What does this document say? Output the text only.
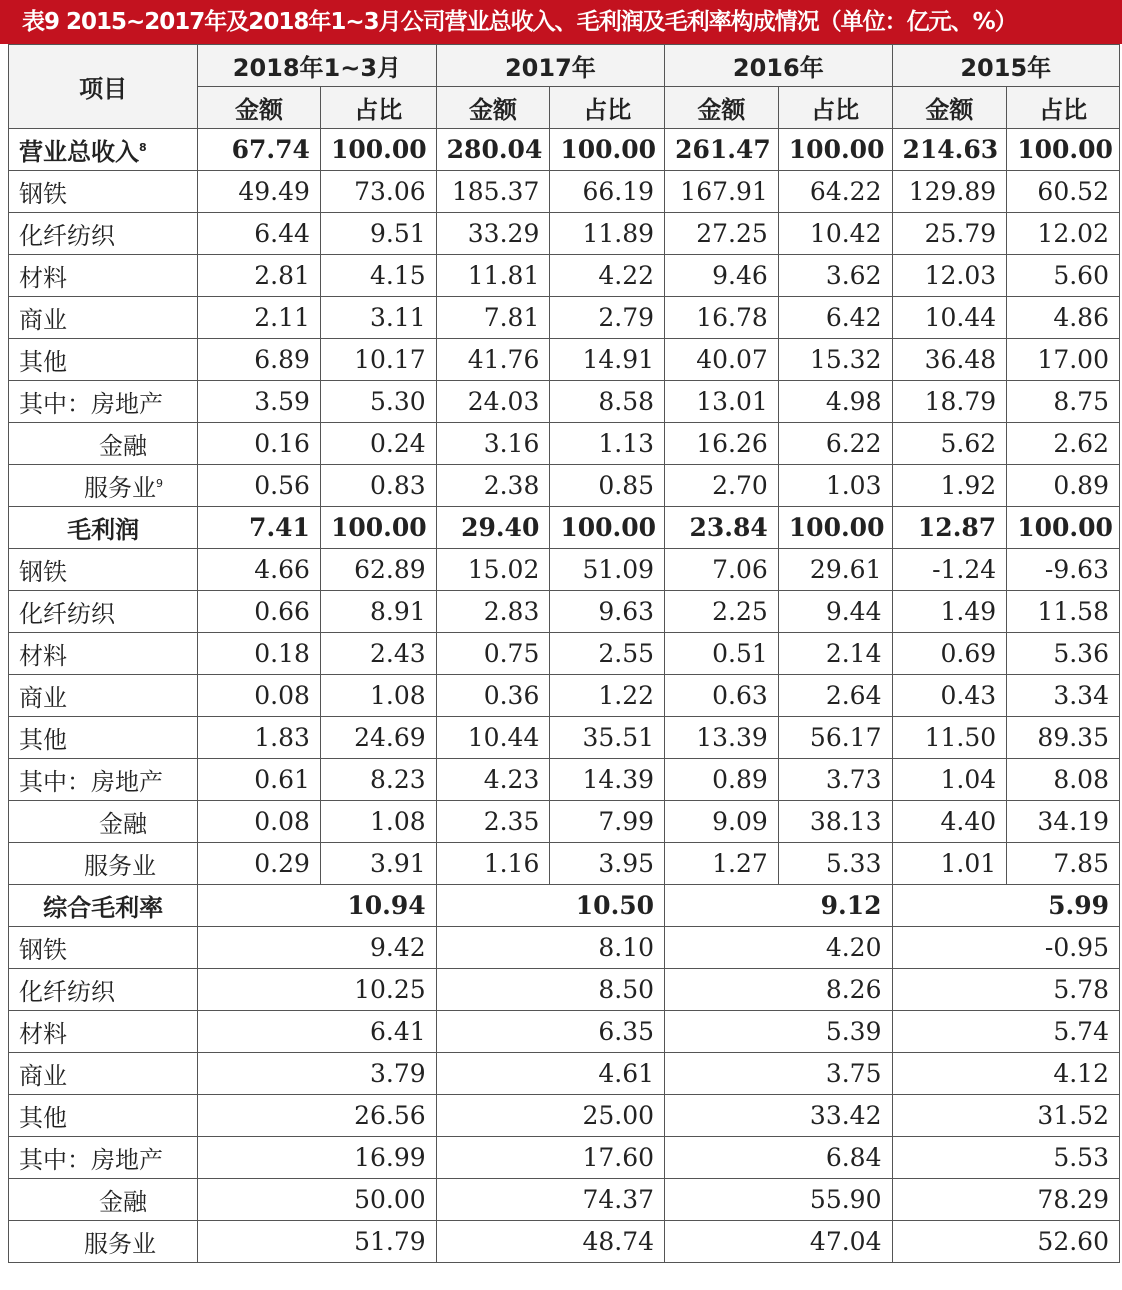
表9 2015~2017年及2018年1~3月公司营业总收入、毛利润及毛利率构成情况（单位：亿元、%）
项目	2018年1~3月		2017年		2016年		2015年	
	金额	占比	金额	占比	金额	占比	金额	占比
营业总收入$^8$	67.74	100.00	280.04	100.00	261.47	100.00	214.63	100.00
钢铁	49.49	73.06	185.37	66.19	167.91	64.22	129.89	60.52
化纤纺织	6.44	9.51	33.29	11.89	27.25	10.42	25.79	12.02
材料	2.81	4.15	11.81	4.22	9.46	3.62	12.03	5.60
商业	2.11	3.11	7.81	2.79	16.78	6.42	10.44	4.86
其他	6.89	10.17	41.76	14.91	40.07	15.32	36.48	17.00
其中：房地产	3.59	5.30	24.03	8.58	13.01	4.98	18.79	8.75
金融	0.16	0.24	3.16	1.13	16.26	6.22	5.62	2.62
服务业$^9$	0.56	0.83	2.38	0.85	2.70	1.03	1.92	0.89
毛利润	7.41	100.00	29.40	100.00	23.84	100.00	12.87	100.00
钢铁	4.66	62.89	15.02	51.09	7.06	29.61	-1.24	-9.63
化纤纺织	0.66	8.91	2.83	9.63	2.25	9.44	1.49	11.58
材料	0.18	2.43	0.75	2.55	0.51	2.14	0.69	5.36
商业	0.08	1.08	0.36	1.22	0.63	2.64	0.43	3.34
其他	1.83	24.69	10.44	35.51	13.39	56.17	11.50	89.35
其中：房地产	0.61	8.23	4.23	14.39	0.89	3.73	1.04	8.08
金融	0.08	1.08	2.35	7.99	9.09	38.13	4.40	34.19
服务业	0.29	3.91	1.16	3.95	1.27	5.33	1.01	7.85
综合毛利率	10.94		10.50		9.12		5.99	
钢铁	9.42		8.10		4.20		-0.95	
化纤纺织	10.25		8.50		8.26		5.78	
材料	6.41		6.35		5.39		5.74	
商业	3.79		4.61		3.75		4.12	
其他	26.56		25.00		33.42		31.52	
其中：房地产	16.99		17.60		6.84		5.53	
金融	50.00		74.37		55.90		78.29	
服务业	51.79		48.74		47.04		52.60	
